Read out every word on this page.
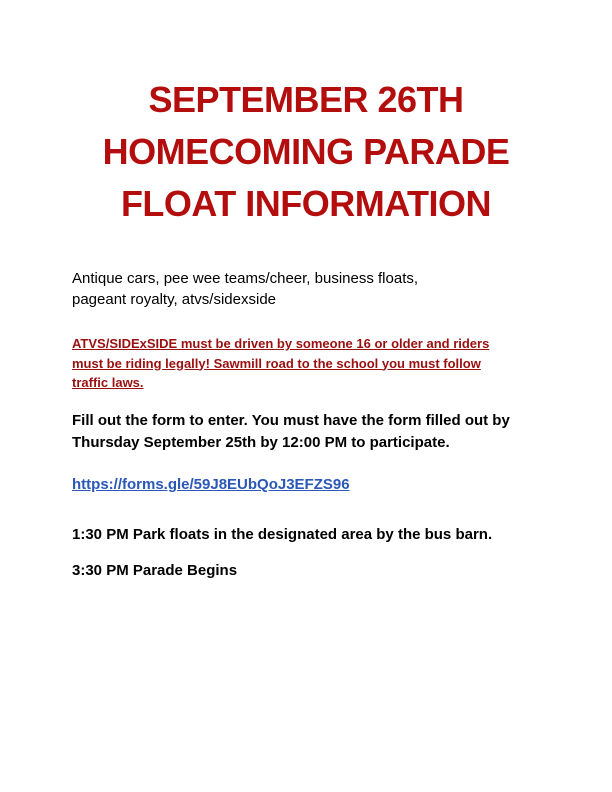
SEPTEMBER 26TH
HOMECOMING PARADE
FLOAT INFORMATION
Antique cars, pee wee teams/cheer, business floats,
pageant royalty, atvs/sidexside
ATVS/SIDExSIDE must be driven by someone 16 or older and riders
must be riding legally! Sawmill road to the school you must follow
traffic laws.
Fill out the form to enter. You must have the form filled out by
Thursday September 25th by 12:00 PM to participate.
https://forms.gle/59J8EUbQoJ3EFZS96
1:30 PM Park floats in the designated area by the bus barn.
3:30 PM Parade Begins
